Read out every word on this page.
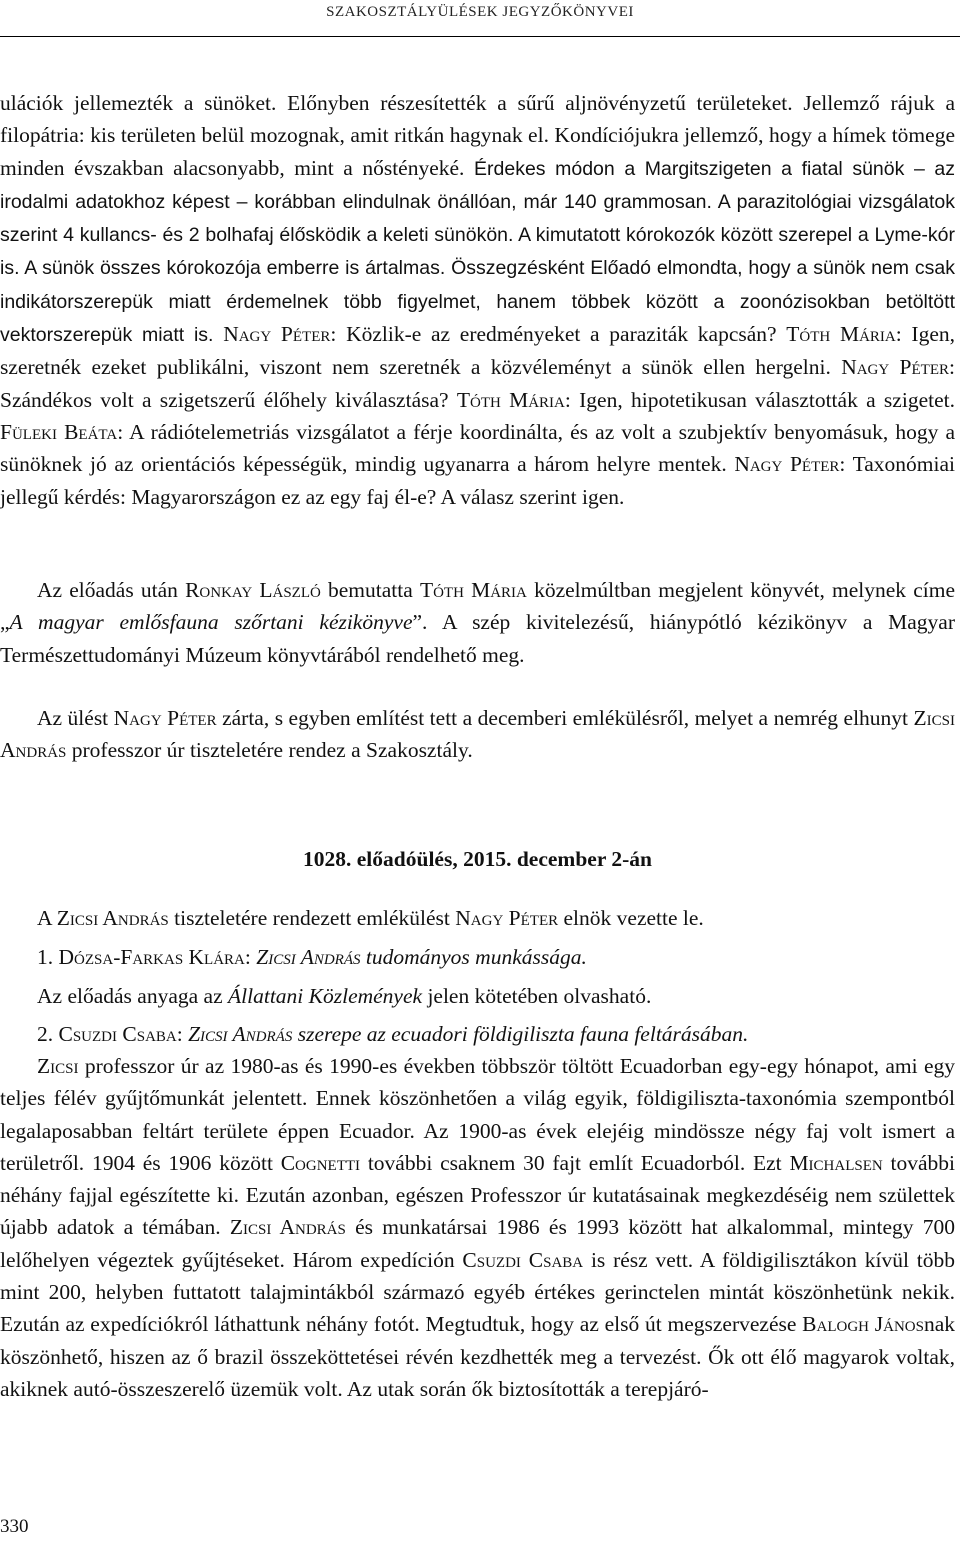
SZAKOSZTÁLYÜLÉSEK JEGYZŐKÖNYVEI

ulációk jellemezték a sünöket. Előnyben részesítették a sűrű aljnövényzetű területeket. Jellemző rájuk a filopátria: kis területen belül mozognak, amit ritkán hagynak el. Kondíciójukra jellemző, hogy a hímek tömege minden évszakban alacsonyabb, mint a nőstényeké. Érdekes módon a Margitszigeten a fiatal sünök – az irodalmi adatokhoz képest – korábban elindulnak önállóan, már 140 grammosan. A parazitológiai vizsgálatok szerint 4 kullancs- és 2 bolhafaj élősködik a keleti sünökön. A kimutatott kórokozók között szerepel a Lyme-kór is. A sünök összes kórokozója emberre is ártalmas. Összegzésként Előadó elmondta, hogy a sünök nem csak indikátorszerepük miatt érdemelnek több figyelmet, hanem többek között a zoonózisokban betöltött vektorszerepük miatt is. Nagy Péter: Közlik-e az eredményeket a paraziták kapcsán? Tóth Mária: Igen, szeretnék ezeket publikálni, viszont nem szeretnék a közvéleményt a sünök ellen hergelni. Nagy Péter: Szándékos volt a szigetszerű élőhely kiválasztása? Tóth Mária: Igen, hipotetikusan választották a szigetet. Füleki Beáta: A rádiótelemetriás vizsgálatot a férje koordinálta, és az volt a szubjektív benyomásuk, hogy a sünöknek jó az orientációs képességük, mindig ugyanarra a három helyre mentek. Nagy Péter: Taxonómiai jellegű kérdés: Magyarországon ez az egy faj él-e? A válasz szerint igen.

Az előadás után Ronkay László bemutatta Tóth Mária közelmúltban megjelent könyvét, melynek címe „A magyar emlősfauna szőrtani kézikönyve”. A szép kivitelezésű, hiánypótló kézikönyv a Magyar Természettudományi Múzeum könyvtárából rendelhető meg.

Az ülést Nagy Péter zárta, s egyben említést tett a decemberi emlékülésről, melyet a nemrég elhunyt Zicsi András professzor úr tiszteletére rendez a Szakosztály.

1028. előadóülés, 2015. december 2-án
A Zicsi András tiszteletére rendezett emlékülést Nagy Péter elnök vezette le.
1. Dózsa-Farkas Klára: Zicsi András tudományos munkássága.
Az előadás anyaga az Állattani Közlemények jelen kötetében olvasható.
2. Csuzdi Csaba: Zicsi András szerepe az ecuadori földigiliszta fauna feltárásában.

Zicsi professzor úr az 1980-as és 1990-es években többször töltött Ecuadorban egy-egy hónapot, ami egy teljes félév gyűjtőmunkát jelentett. Ennek köszönhetően a világ egyik, földigiliszta-taxonómia szempontból legalaposabban feltárt területe éppen Ecuador. Az 1900-as évek elejéig mindössze négy faj volt ismert a területről. 1904 és 1906 között Cognetti további csaknem 30 fajt említ Ecuadorból. Ezt Michalsen további néhány fajjal egészítette ki. Ezután azonban, egészen Professzor úr kutatásainak megkezdéséig nem születtek újabb adatok a témában. Zicsi András és munkatársai 1986 és 1993 között hat alkalommal, mintegy 700 lelőhelyen végeztek gyűjtéseket. Három expedíción Csuzdi Csaba is rész vett. A földigilisztákon kívül több mint 200, helyben futtatott talajmintákból származó egyéb értékes gerinctelen mintát köszönhetünk nekik. Ezután az expedíciókról láthattunk néhány fotót. Megtudtuk, hogy az első út megszervezése Balogh Jánosnak köszönhető, hiszen az ő brazil összeköttetései révén kezdhették meg a tervezést. Ők ott élő magyarok voltak, akiknek autó-összeszerelő üzemük volt. Az utak során ők biztosították a terepjáró-

330
